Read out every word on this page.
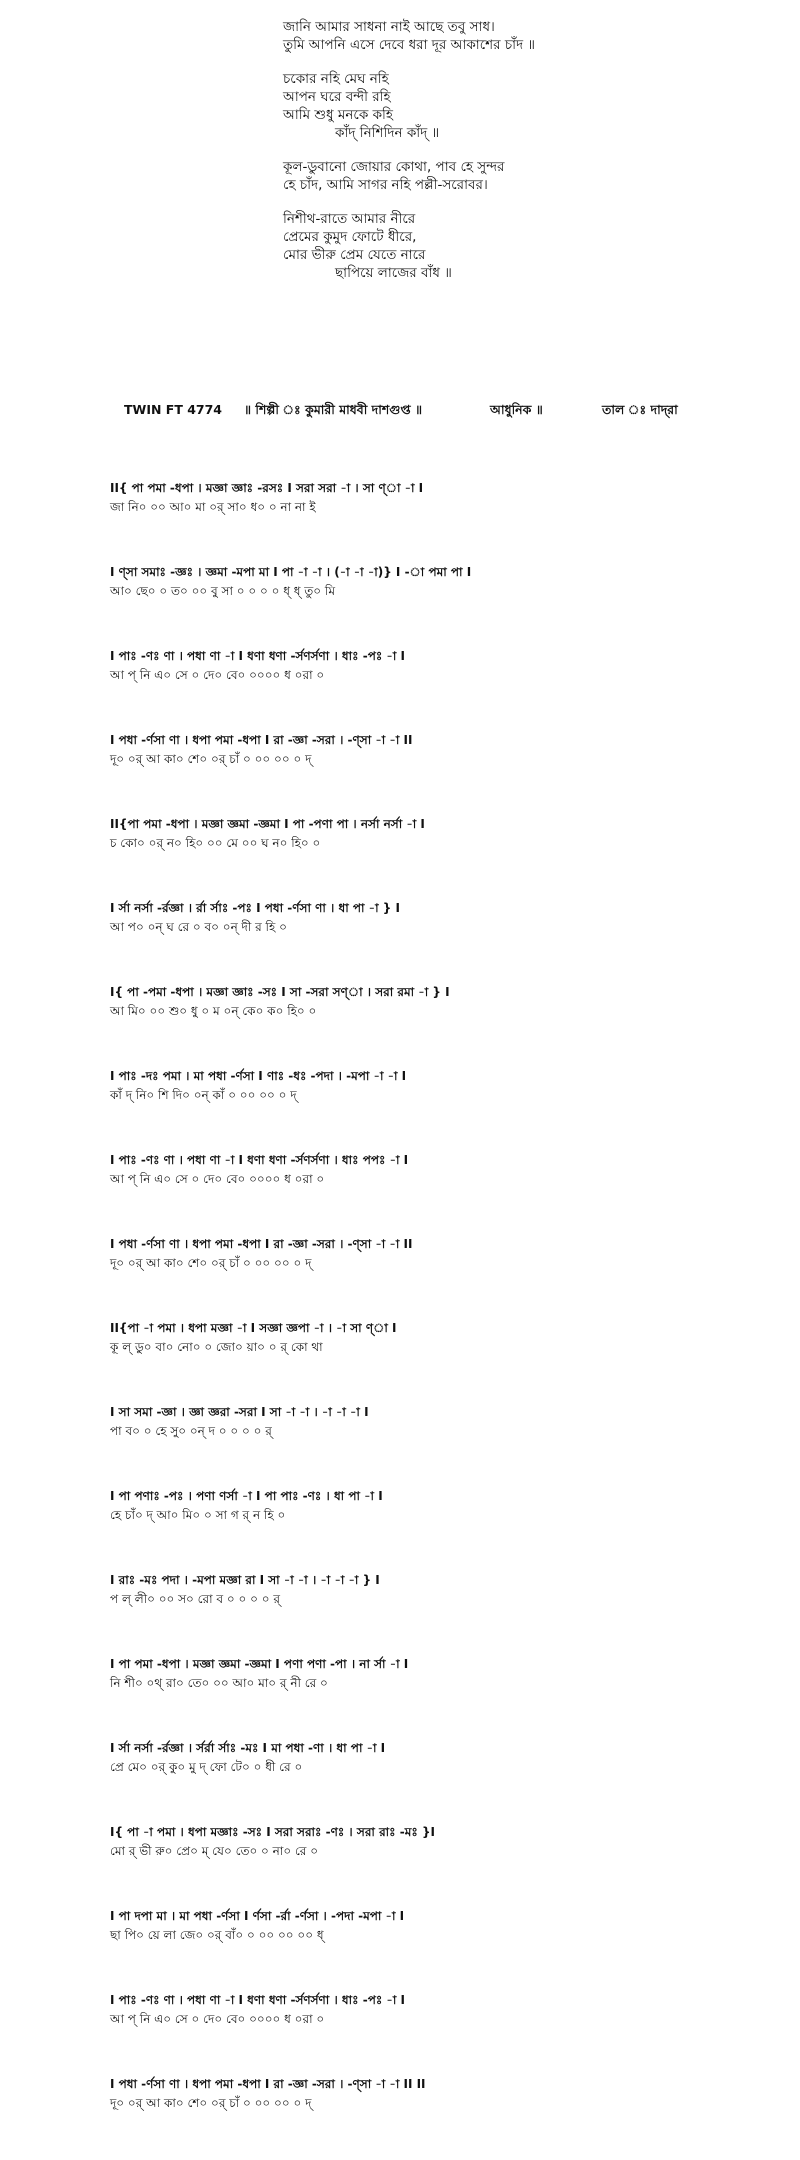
জানি আমার সাধনা নাই আছে তবু সাধ।
তুমি আপনি এসে দেবে ধরা দূর আকাশের চাঁদ ॥
চকোর নহি মেঘ নহি
আপন ঘরে বন্দী রহি
আমি শুধু মনকে কহি
কাঁদ্ নিশিদিন কাঁদ্ ॥
কূল-ডুবানো জোয়ার কোথা, পাব হে সুন্দর
হে চাঁদ, আমি সাগর নহি পল্লী-সরোবর।
নিশীথ-রাতে আমার নীরে
প্রেমের কুমুদ ফোটে ধীরে,
মোর ভীরু প্রেম যেতে নারে
ছাপিয়ে লাজের বাঁধ ॥
TWIN FT 4774 ॥ শিল্পী ঃ কুমারী মাধবী দাশগুপ্ত ॥	আধুনিক ॥	তাল ঃ দাদ্‌রা
II{ পা পমা -ধপা । মজ্ঞা জ্ঞাঃ -রসঃ I সরা সরা -া । সা ণ্‌া -া I
জা নি০ ০০ আ০ মা ০র্ সা০ ধ০ ০ না না ই
I ণ্‌সা সমাঃ -জ্ঞঃ । জ্ঞমা -মপা মা I পা -া -া । (-া -া -া)} I -া পমা পা I
আ০ ছে০ ০ ত০ ০০ বু সা ০ ০ ০ ০ ধ্ ধ্ তু০ মি
I পাঃ -ণঃ ণা । পধা ণা -া I ধণা ধণা -র্সণর্সণা । ধাঃ -পঃ -া I
আ প্ নি এ০ সে ০ দে০ বে০ ০০০০ ধ ০রা ০
I পধা -র্ণসা ণা । ধপা পমা -ধপা I রা -জ্ঞা -সরা । -ণ্‌সা -া -া II
দূ০ ০র্ আ কা০ শে০ ০র্ চাঁ ০ ০০ ০০ ০ দ্
II{পা পমা -ধপা । মজ্ঞা জ্ঞমা -জ্ঞমা I পা -পণা পা । নর্সা নর্সা -া I
চ কো০ ০র্ ন০ হি০ ০০ মে ০০ ঘ ন০ হি০ ০
I র্সা নর্সা -র্রজ্ঞা । র্রা র্সাঃ -পঃ I পধা -র্ণসা ণা । ধা পা -া } I
আ প০ ০ন্ ঘ রে ০ ব০ ০ন্ দী র হি ০
I{ পা -পমা -ধপা । মজ্ঞা জ্ঞাঃ -সঃ I সা -সরা সণ্‌া । সরা রমা -া } I
আ মি০ ০০ শু০ ধু ০ ম ০ন্ কে০ ক০ হি০ ০
I পাঃ -দঃ পমা । মা পধা -র্ণসা I ণাঃ -ধঃ -পদা । -মপা -া -া I
কাঁ দ্ নি০ শি দি০ ০ন্ কাঁ ০ ০০ ০০ ০ দ্
I পাঃ -ণঃ ণা । পধা ণা -া I ধণা ধণা -র্সণর্সণা । ধাঃ পপঃ -া I
আ প্ নি এ০ সে ০ দে০ বে০ ০০০০ ধ ০রা ০
I পধা -র্ণসা ণা । ধপা পমা -ধপা I রা -জ্ঞা -সরা । -ণ্‌সা -া -া II
দূ০ ০র্ আ কা০ শে০ ০র্ চাঁ ০ ০০ ০০ ০ দ্
II{পা -া পমা । ধপা মজ্ঞা -া I সজ্ঞা জ্ঞপা -া । -া সা ণ্‌া I
কূ ল্ ডু০ বা০ নো০ ০ জো০ য়া০ ০ র্ কো থা
I সা সমা -জ্ঞা । জ্ঞা জ্ঞরা -সরা I সা -া -া । -া -া -া I
পা ব০ ০ হে সু০ ০ন্ দ ০ ০ ০ ০ র্
I পা পণাঃ -পঃ । পণা ণর্সা -া I পা পাঃ -ণঃ । ধা পা -া I
হে চাঁ০ দ্ আ০ মি০ ০ সা গ র্ ন হি ০
I রাঃ -মঃ পদা । -মপা মজ্ঞা রা I সা -া -া । -া -া -া } I
প ল্ লী০ ০০ স০ রো ব ০ ০ ০ ০ র্
I পা পমা -ধপা । মজ্ঞা জ্ঞমা -জ্ঞমা I পণা পণা -পা । না র্সা -া I
নি শী০ ০থ্ রা০ তে০ ০০ আ০ মা০ র্ নী রে ০
I র্সা নর্সা -র্রজ্ঞা । র্সর্রা র্সাঃ -মঃ I মা পধা -ণা । ধা পা -া I
প্রে মে০ ০র্ কু০ মু দ্ ফো টে০ ০ ধী রে ০
I{ পা -া পমা । ধপা মজ্ঞাঃ -সঃ I সরা সরাঃ -ণঃ । সরা রাঃ -মঃ }I
মো র্ ভী রু০ প্রে০ ম্ যে০ তে০ ০ না০ রে ০
I পা দপা মা । মা পধা -র্ণসা I র্ণসা -র্রা -র্ণসা । -পদা -মপা -া I
ছা পি০ য়ে লা জে০ ০র্ বাঁ০ ০ ০০ ০০ ০০ ধ্
I পাঃ -ণঃ ণা । পধা ণা -া I ধণা ধণা -র্সণর্সণা । ধাঃ -পঃ -া I
আ প্ নি এ০ সে ০ দে০ বে০ ০০০০ ধ ০রা ০
I পধা -র্ণসা ণা । ধপা পমা -ধপা I রা -জ্ঞা -সরা । -ণ্‌সা -া -া II II
দূ০ ০র্ আ কা০ শে০ ০র্ চাঁ ০ ০০ ০০ ০ দ্
